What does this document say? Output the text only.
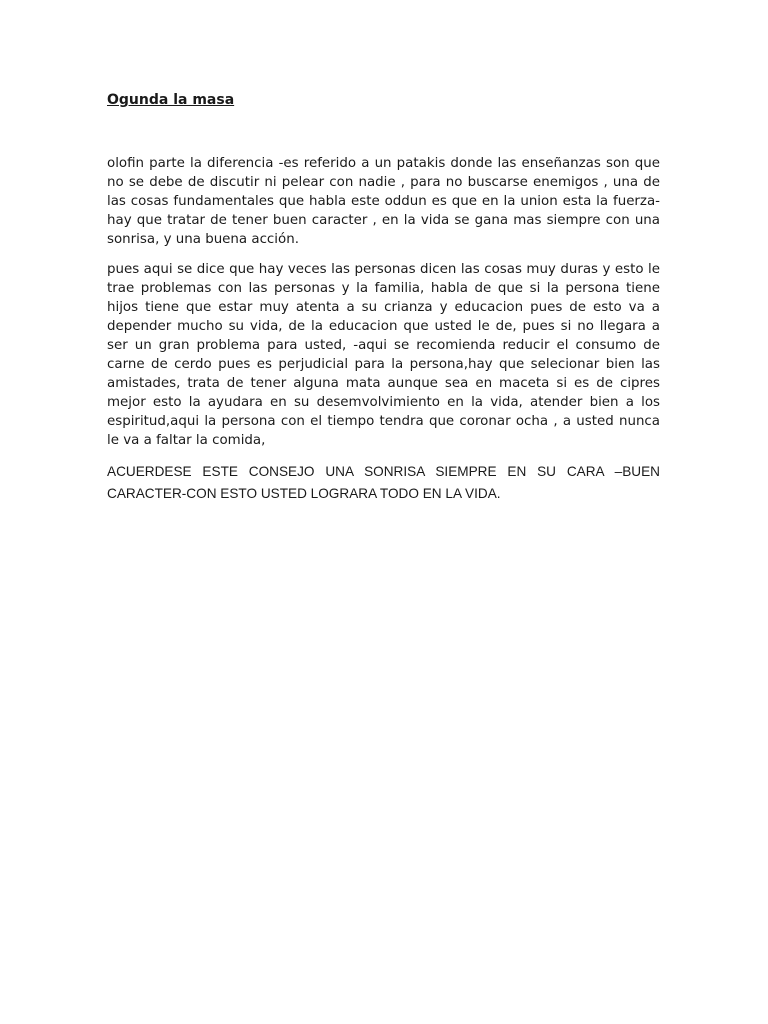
Ogunda la masa

olofin parte la diferencia -es referido a un patakis donde las enseñanzas son que no se debe de discutir ni pelear con nadie , para no buscarse enemigos , una de las cosas fundamentales que habla este oddun es que en la union esta la fuerza- hay que tratar de tener buen caracter , en la vida se gana mas siempre con una sonrisa, y una buena acción.

pues aqui se dice que hay veces las personas dicen las cosas muy duras y esto le trae problemas con las personas y la familia, habla de que si la persona tiene hijos tiene que estar muy atenta a su crianza y educacion pues de esto va a depender mucho su vida, de la educacion que usted le de, pues si no llegara a ser un gran problema para usted, -aqui se recomienda reducir el consumo de carne de cerdo pues es perjudicial para la persona,hay que selecionar bien las amistades, trata de tener alguna mata aunque sea en maceta si es de cipres mejor esto la ayudara en su desemvolvimiento en la vida, atender bien a los espiritud,aqui la persona con el tiempo tendra que coronar ocha , a usted nunca le va a faltar la comida,

ACUERDESE ESTE CONSEJO UNA SONRISA SIEMPRE EN SU CARA –BUEN CARACTER-CON ESTO USTED LOGRARA TODO EN LA VIDA.
